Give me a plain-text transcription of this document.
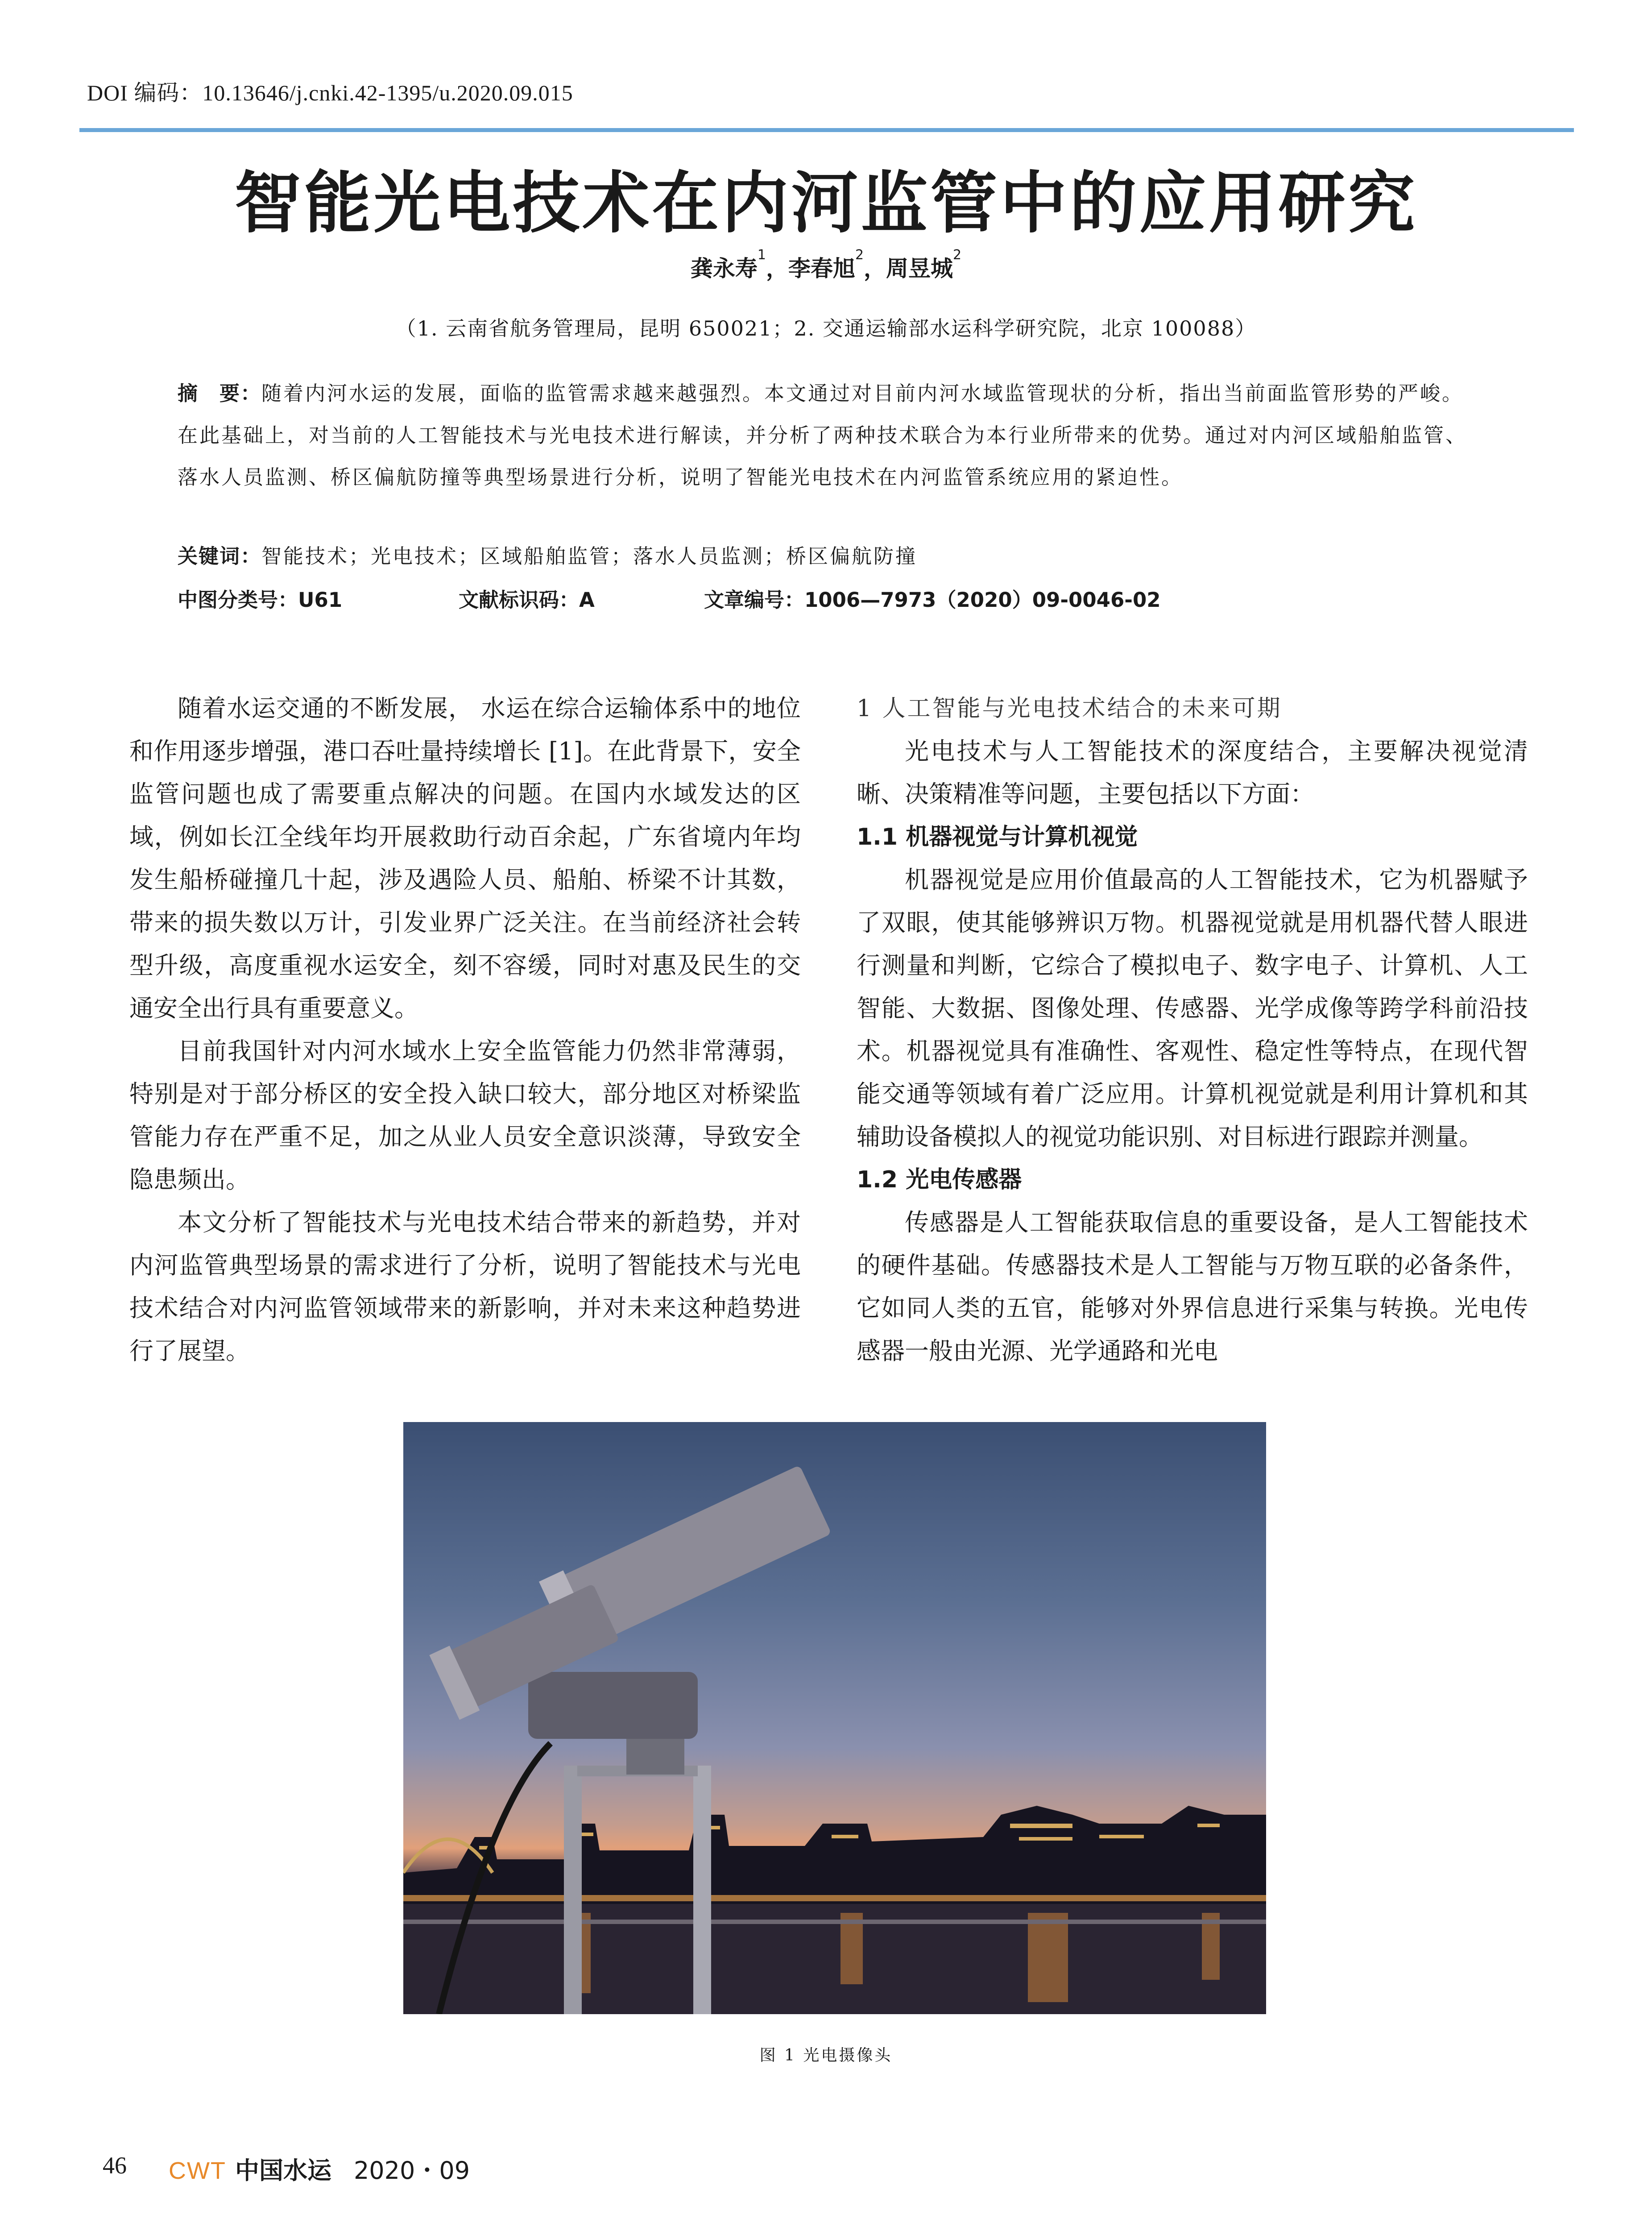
DOI 编码：10.13646/j.cnki.42-1395/u.2020.09.015
智能光电技术在内河监管中的应用研究
龚永寿$^1$，李春旭$^2$，周昱城$^2$
（1. 云南省航务管理局，昆明 650021；2. 交通运输部水运科学研究院，北京 100088）
摘　要：随着内河水运的发展，面临的监管需求越来越强烈。本文通过对目前内河水域监管现状的分析，指出当前面监管形势的严峻。在此基础上，对当前的人工智能技术与光电技术进行解读，并分析了两种技术联合为本行业所带来的优势。通过对内河区域船舶监管、落水人员监测、桥区偏航防撞等典型场景进行分析，说明了智能光电技术在内河监管系统应用的紧迫性。
关键词：智能技术；光电技术；区域船舶监管；落水人员监测；桥区偏航防撞
中图分类号：U61	文献标识码：A	文章编号：1006—7973（2020）09-0046-02

随着水运交通的不断发展， 水运在综合运输体系中的地位和作用逐步增强，港口吞吐量持续增长 [1]。在此背景下，安全监管问题也成了需要重点解决的问题。在国内水域发达的区域，例如长江全线年均开展救助行动百余起，广东省境内年均发生船桥碰撞几十起，涉及遇险人员、船舶、桥梁不计其数，带来的损失数以万计，引发业界广泛关注。在当前经济社会转型升级，高度重视水运安全，刻不容缓，同时对惠及民生的交通安全出行具有重要意义。

目前我国针对内河水域水上安全监管能力仍然非常薄弱，特别是对于部分桥区的安全投入缺口较大，部分地区对桥梁监管能力存在严重不足，加之从业人员安全意识淡薄，导致安全隐患频出。

本文分析了智能技术与光电技术结合带来的新趋势，并对内河监管典型场景的需求进行了分析，说明了智能技术与光电技术结合对内河监管领域带来的新影响，并对未来这种趋势进行了展望。

1 人工智能与光电技术结合的未来可期

光电技术与人工智能技术的深度结合，主要解决视觉清晰、决策精准等问题，主要包括以下方面：

1.1 机器视觉与计算机视觉

机器视觉是应用价值最高的人工智能技术，它为机器赋予了双眼，使其能够辨识万物。机器视觉就是用机器代替人眼进行测量和判断，它综合了模拟电子、数字电子、计算机、人工智能、大数据、图像处理、传感器、光学成像等跨学科前沿技术。机器视觉具有准确性、客观性、稳定性等特点，在现代智能交通等领域有着广泛应用。计算机视觉就是利用计算机和其辅助设备模拟人的视觉功能识别、对目标进行跟踪并测量。

1.2 光电传感器

传感器是人工智能获取信息的重要设备，是人工智能技术的硬件基础。传感器技术是人工智能与万物互联的必备条件，它如同人类的五官，能够对外界信息进行采集与转换。光电传感器一般由光源、光学通路和光电

图 1 光电摄像头
46 CWT 中国水运 2020・09
